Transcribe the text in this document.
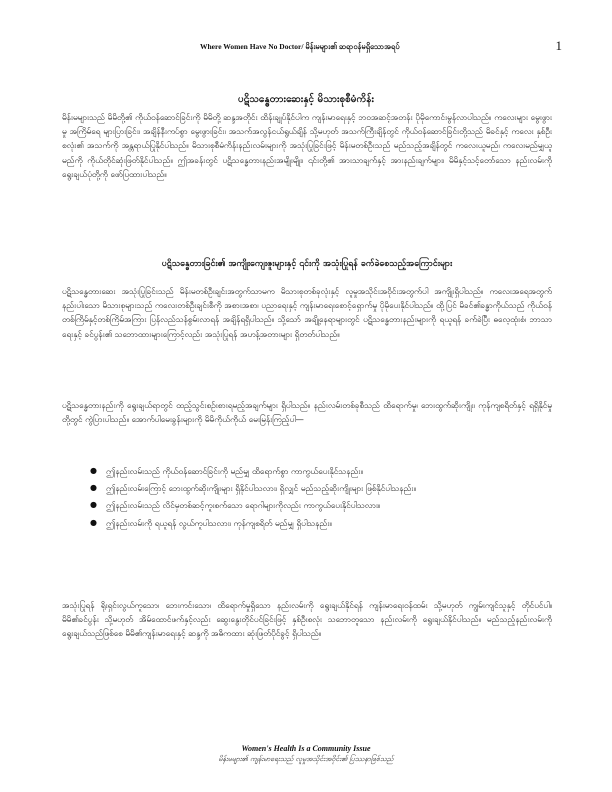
Where Women Have No Doctor/ မိန်းမများ၏ ဆရာဝန်မရှိသောအရပ်	1
ပဋိသန္ဓေတားဆေးနှင့် မိသားစုစီမံကိန်း
မိန်းမများသည် မိမိတို့၏ ကိုယ်ဝန်ဆောင်ခြင်းကို မိမိတို့ ဆန္ဒအတိုင်း ထိန်းချုပ်နိုင်ပါက ကျန်းမာရေးနှင့် ဘဝအဆင့်အတန်း ပိုမိုကောင်းမွန်လာပါသည်။ ကလေးများ မွေးဖွားမှု အကြိမ်ရေ များပြားခြင်း၊ အချိန်နီးကပ်စွာ မွေးဖွားခြင်း၊ အသက်အလွန်ငယ်ရွယ်ချိန် သို့မဟုတ် အသက်ကြီးချိန်တွင် ကိုယ်ဝန်ဆောင်ခြင်းတို့သည် မိခင်နှင့် ကလေး နှစ်ဦးစလုံး၏ အသက်ကို အန္တရာယ်ပြုနိုင်ပါသည်။ မိသားစုစီမံကိန်းနည်းလမ်းများကို အသုံးပြုခြင်းဖြင့် မိန်းမတစ်ဦးသည် မည်သည့်အချိန်တွင် ကလေးယူမည်၊ ကလေးမည်မျှယူမည်ကို ကိုယ်တိုင်ဆုံးဖြတ်နိုင်ပါသည်။ ဤအခန်းတွင် ပဋိသန္ဓေတားနည်းအမျိုးမျိုး၊ ၎င်းတို့၏ အားသာချက်နှင့် အားနည်းချက်များ၊ မိမိနှင့်သင့်တော်သော နည်းလမ်းကို ရွေးချယ်ပုံတို့ကို ဖော်ပြထားပါသည်။
ပဋိသန္ဓေတားခြင်း၏ အကျိုးကျေးဇူးများနှင့် ၎င်းကို အသုံးပြုရန် ခက်ခဲစေသည့်အကြောင်းများ
ပဋိသန္ဓေတားဆေး အသုံးပြုခြင်းသည် မိန်းမတစ်ဦးချင်းအတွက်သာမက မိသားစုတစ်ခုလုံးနှင့် လူမှုအသိုင်းအဝိုင်းအတွက်ပါ အကျိုးရှိပါသည်။ ကလေးအရေအတွက် နည်းပါးသော မိသားစုများသည် ကလေးတစ်ဦးချင်းစီကို အစားအစာ၊ ပညာရေးနှင့် ကျန်းမာရေးစောင့်ရှောက်မှု ပိုမိုပေးနိုင်ပါသည်။ ထို့ပြင် မိခင်၏ခန္ဓာကိုယ်သည် ကိုယ်ဝန်တစ်ကြိမ်နှင့်တစ်ကြိမ်အကြား ပြန်လည်သန်စွမ်းလာရန် အချိန်ရရှိပါသည်။ သို့သော် အချို့နေရာများတွင် ပဋိသန္ဓေတားနည်းများကို ရယူရန် ခက်ခဲပြီး ဓလေ့ထုံးစံ၊ ဘာသာရေးနှင့် ခင်ပွန်း၏ သဘောထားများကြောင့်လည်း အသုံးပြုရန် အဟန့်အတားများ ရှိတတ်ပါသည်။
ပဋိသန္ဓေတားနည်းကို ရွေးချယ်ရာတွင် ထည့်သွင်းစဉ်းစားရမည့်အချက်များ ရှိပါသည်။ နည်းလမ်းတစ်ခုစီသည် ထိရောက်မှု၊ ဘေးထွက်ဆိုးကျိုး၊ ကုန်ကျစရိတ်နှင့် ရရှိနိုင်မှုတို့တွင် ကွဲပြားပါသည်။ အောက်ပါမေးခွန်းများကို မိမိကိုယ်ကိုယ် မေးမြန်းကြည့်ပါ—
● ဤနည်းလမ်းသည် ကိုယ်ဝန်ဆောင်ခြင်းကို မည်မျှ ထိရောက်စွာ ကာကွယ်ပေးနိုင်သနည်း။
● ဤနည်းလမ်းကြောင့် ဘေးထွက်ဆိုးကျိုးများ ရှိနိုင်ပါသလား၊ ရှိလျှင် မည်သည့်ဆိုးကျိုးများ ဖြစ်နိုင်ပါသနည်း။
● ဤနည်းလမ်းသည် လိင်မှတစ်ဆင့်ကူးစက်သော ရောဂါများကိုလည်း ကာကွယ်ပေးနိုင်ပါသလား။
● ဤနည်းလမ်းကို ရယူရန် လွယ်ကူပါသလား၊ ကုန်ကျစရိတ် မည်မျှ ရှိပါသနည်း။
အသုံးပြုရန် ရိုးရှင်းလွယ်ကူသော၊ ဘေးကင်းသော၊ ထိရောက်မှုရှိသော နည်းလမ်းကို ရွေးချယ်နိုင်ရန် ကျန်းမာရေးဝန်ထမ်း သို့မဟုတ် ကျွမ်းကျင်သူနှင့် တိုင်ပင်ပါ။ မိမိ၏ခင်ပွန်း သို့မဟုတ် အိမ်ထောင်ဖက်နှင့်လည်း ဆွေးနွေးတိုင်ပင်ခြင်းဖြင့် နှစ်ဦးစလုံး သဘောတူသော နည်းလမ်းကို ရွေးချယ်နိုင်ပါသည်။ မည်သည့်နည်းလမ်းကို ရွေးချယ်သည်ဖြစ်စေ မိမိ၏ကျန်းမာရေးနှင့် ဆန္ဒကို အဓိကထား ဆုံးဖြတ်ပိုင်ခွင့် ရှိပါသည်။
Women's Health Is a Community Issue
မိန်းမများ၏ ကျန်းမာရေးသည် လူမှုအသိုင်းအဝိုင်း၏ ပြဿနာဖြစ်သည်
